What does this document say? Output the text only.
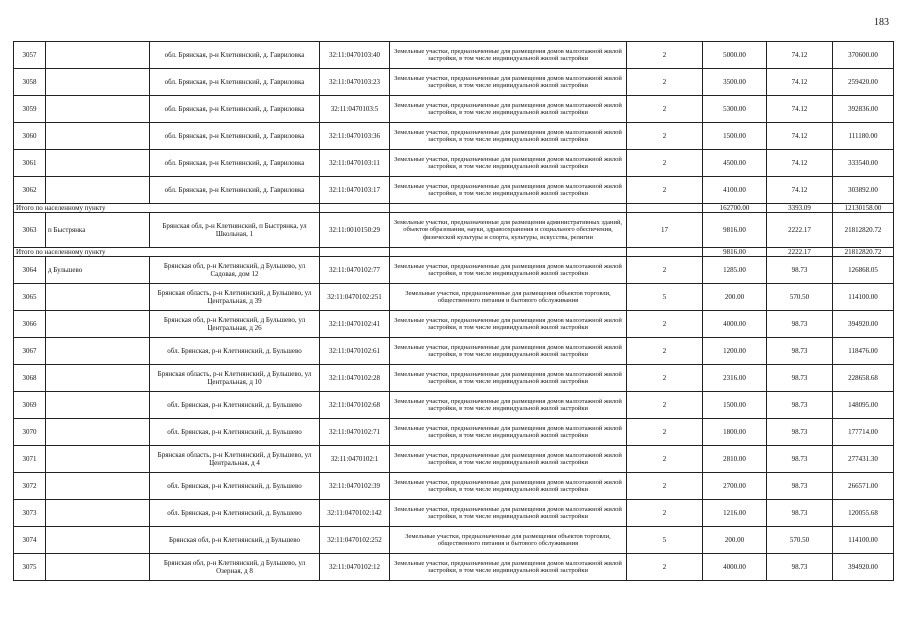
183
3057		обл. Брянская, р-н Клетнянский, д. Гавриловка	32:11:0470103:40	Земельные участки, предназначенные для размещения домов малоэтажной жилой застройки, в том числе индивидуальной жилой застройки	2	5000.00	74.12	370600.00
3058		обл. Брянская, р-н Клетнянский, д. Гавриловка	32:11:0470103:23	Земельные участки, предназначенные для размещения домов малоэтажной жилой застройки, в том числе индивидуальной жилой застройки	2	3500.00	74.12	259420.00
3059		обл. Брянская, р-н Клетнянский, д. Гавриловка	32:11:0470103:5	Земельные участки, предназначенные для размещения домов малоэтажной жилой застройки, в том числе индивидуальной жилой застройки	2	5300.00	74.12	392836.00
3060		обл. Брянская, р-н Клетнянский, д. Гавриловка	32:11:0470103:36	Земельные участки, предназначенные для размещения домов малоэтажной жилой застройки, в том числе индивидуальной жилой застройки	2	1500.00	74.12	111180.00
3061		обл. Брянская, р-н Клетнянский, д. Гавриловка	32:11:0470103:11	Земельные участки, предназначенные для размещения домов малоэтажной жилой застройки, в том числе индивидуальной жилой застройки	2	4500.00	74.12	333540.00
3062		обл. Брянская, р-н Клетнянский, д. Гавриловка	32:11:0470103:17	Земельные участки, предназначенные для размещения домов малоэтажной жилой застройки, в том числе индивидуальной жилой застройки	2	4100.00	74.12	303892.00
Итого по населенному пункту						162700.00	3393.09	12130158.00
3063	п Быстрянка	Брянская обл, р-н Клетнянский, п Быстрянка, ул Школьная, 1	32:11:0010150:29	Земельные участки, предназначенные для размещения административных зданий, объектов образования, науки, здравоохранения и социального обеспечения, физической культуры и спорта, культуры, искусства, религии	17	9816.00	2222.17	21812820.72
Итого по населенному пункту						9816.00	2222.17	21812820.72
3064	д Бульшево	Брянская обл, р-н Клетнянский, д Бульшево, ул Садовая, дом 12	32:11:0470102:77	Земельные участки, предназначенные для размещения домов малоэтажной жилой застройки, в том числе индивидуальной жилой застройки	2	1285.00	98.73	126868.05
3065		Брянская область, р-н Клетнянский, д Бульшево, ул Центральная, д 39	32:11:0470102:251	Земельные участки, предназначенные для размещения объектов торговли, общественного питания и бытового обслуживания	5	200.00	570.50	114100.00
3066		Брянская обл, р-н Клетнянский, д Бульшево, ул Центральная, д 26	32:11:0470102:41	Земельные участки, предназначенные для размещения домов малоэтажной жилой застройки, в том числе индивидуальной жилой застройки	2	4000.00	98.73	394920.00
3067		обл. Брянская, р-н Клетнянский, д. Бульшево	32:11:0470102:61	Земельные участки, предназначенные для размещения домов малоэтажной жилой застройки, в том числе индивидуальной жилой застройки	2	1200.00	98.73	118476.00
3068		Брянская область, р-н Клетнянский, д Бульшево, ул Центральная, д 10	32:11:0470102:28	Земельные участки, предназначенные для размещения домов малоэтажной жилой застройки, в том числе индивидуальной жилой застройки	2	2316.00	98.73	228658.68
3069		обл. Брянская, р-н Клетнянский, д. Бульшево	32:11:0470102:68	Земельные участки, предназначенные для размещения домов малоэтажной жилой застройки, в том числе индивидуальной жилой застройки	2	1500.00	98.73	148095.00
3070		обл. Брянская, р-н Клетнянский, д. Бульшево	32:11:0470102:71	Земельные участки, предназначенные для размещения домов малоэтажной жилой застройки, в том числе индивидуальной жилой застройки	2	1800.00	98.73	177714.00
3071		Брянская область, р-н Клетнянский, д Бульшево, ул Центральная, д 4	32:11:0470102:1	Земельные участки, предназначенные для размещения домов малоэтажной жилой застройки, в том числе индивидуальной жилой застройки	2	2810.00	98.73	277431.30
3072		обл. Брянская, р-н Клетнянский, д. Бульшево	32:11:0470102:39	Земельные участки, предназначенные для размещения домов малоэтажной жилой застройки, в том числе индивидуальной жилой застройки	2	2700.00	98.73	266571.00
3073		обл. Брянская, р-н Клетнянский, д. Бульшево	32:11:0470102:142	Земельные участки, предназначенные для размещения домов малоэтажной жилой застройки, в том числе индивидуальной жилой застройки	2	1216.00	98.73	120055.68
3074		Брянская обл, р-н Клетнянский, д Бульшево	32:11:0470102:252	Земельные участки, предназначенные для размещения объектов торговли, общественного питания и бытового обслуживания	5	200.00	570.50	114100.00
3075		Брянская обл, р-н Клетнянский, д Бульшево, ул Озерная, д 8	32:11:0470102:12	Земельные участки, предназначенные для размещения домов малоэтажной жилой застройки, в том числе индивидуальной жилой застройки	2	4000.00	98.73	394920.00
